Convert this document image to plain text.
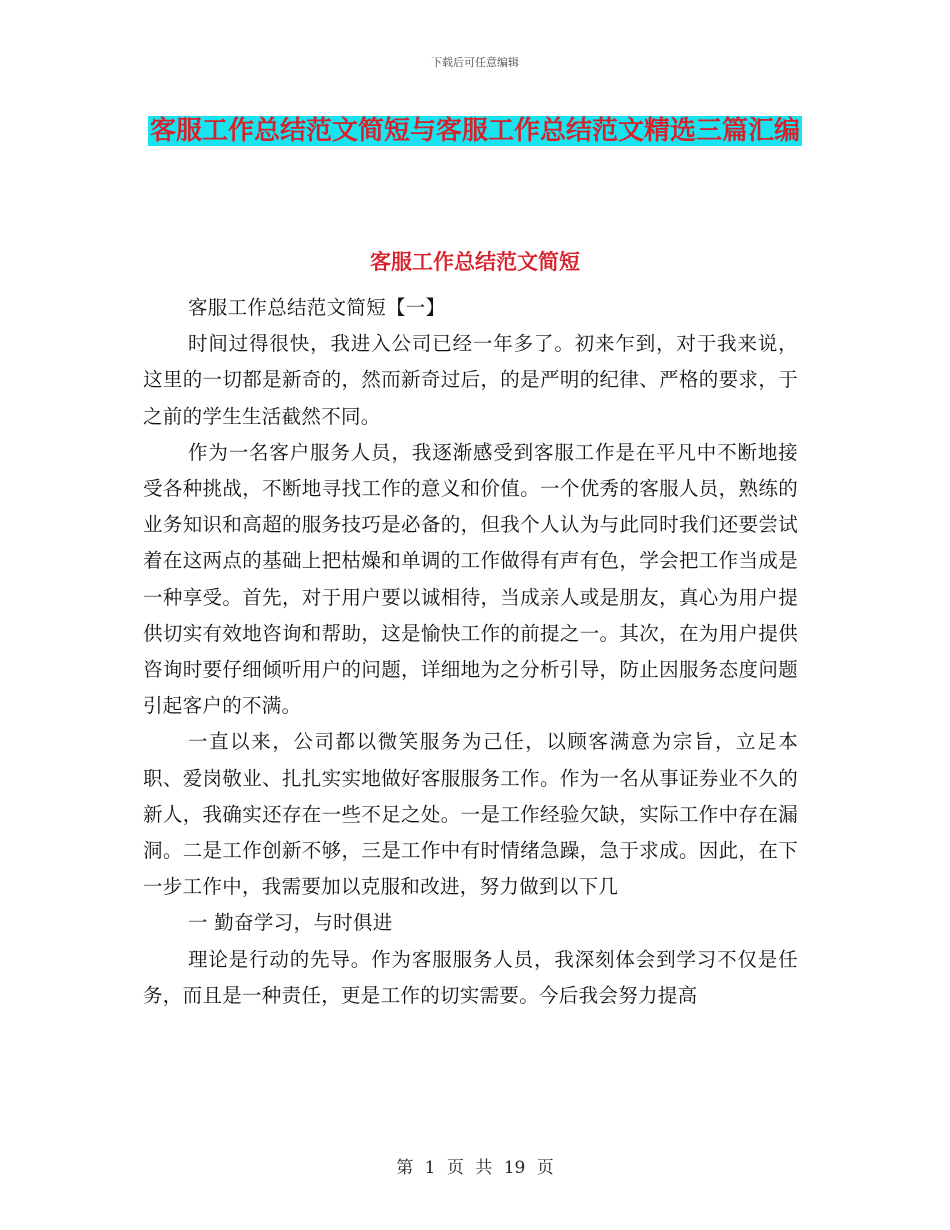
下载后可任意编辑
客服工作总结范文简短与客服工作总结范文精选三篇汇编
客服工作总结范文简短

客服工作总结范文简短【一】

时间过得很快，我进入公司已经一年多了。初来乍到，对于我来说，这里的一切都是新奇的，然而新奇过后，的是严明的纪律、严格的要求，于之前的学生生活截然不同。

作为一名客户服务人员，我逐渐感受到客服工作是在平凡中不断地接受各种挑战，不断地寻找工作的意义和价值。一个优秀的客服人员，熟练的业务知识和高超的服务技巧是必备的，但我个人认为与此同时我们还要尝试着在这两点的基础上把枯燥和单调的工作做得有声有色，学会把工作当成是一种享受。首先，对于用户要以诚相待，当成亲人或是朋友，真心为用户提供切实有效地咨询和帮助，这是愉快工作的前提之一。其次，在为用户提供咨询时要仔细倾听用户的问题，详细地为之分析引导，防止因服务态度问题引起客户的不满。

一直以来，公司都以微笑服务为己任，以顾客满意为宗旨，立足本职、爱岗敬业、扎扎实实地做好客服服务工作。作为一名从事证券业不久的新人，我确实还存在一些不足之处。一是工作经验欠缺，实际工作中存在漏洞。二是工作创新不够，三是工作中有时情绪急躁，急于求成。因此，在下一步工作中，我需要加以克服和改进，努力做到以下几

一 勤奋学习，与时俱进

理论是行动的先导。作为客服服务人员，我深刻体会到学习不仅是任务，而且是一种责任，更是工作的切实需要。今后我会努力提高

第 1 页 共 19 页
